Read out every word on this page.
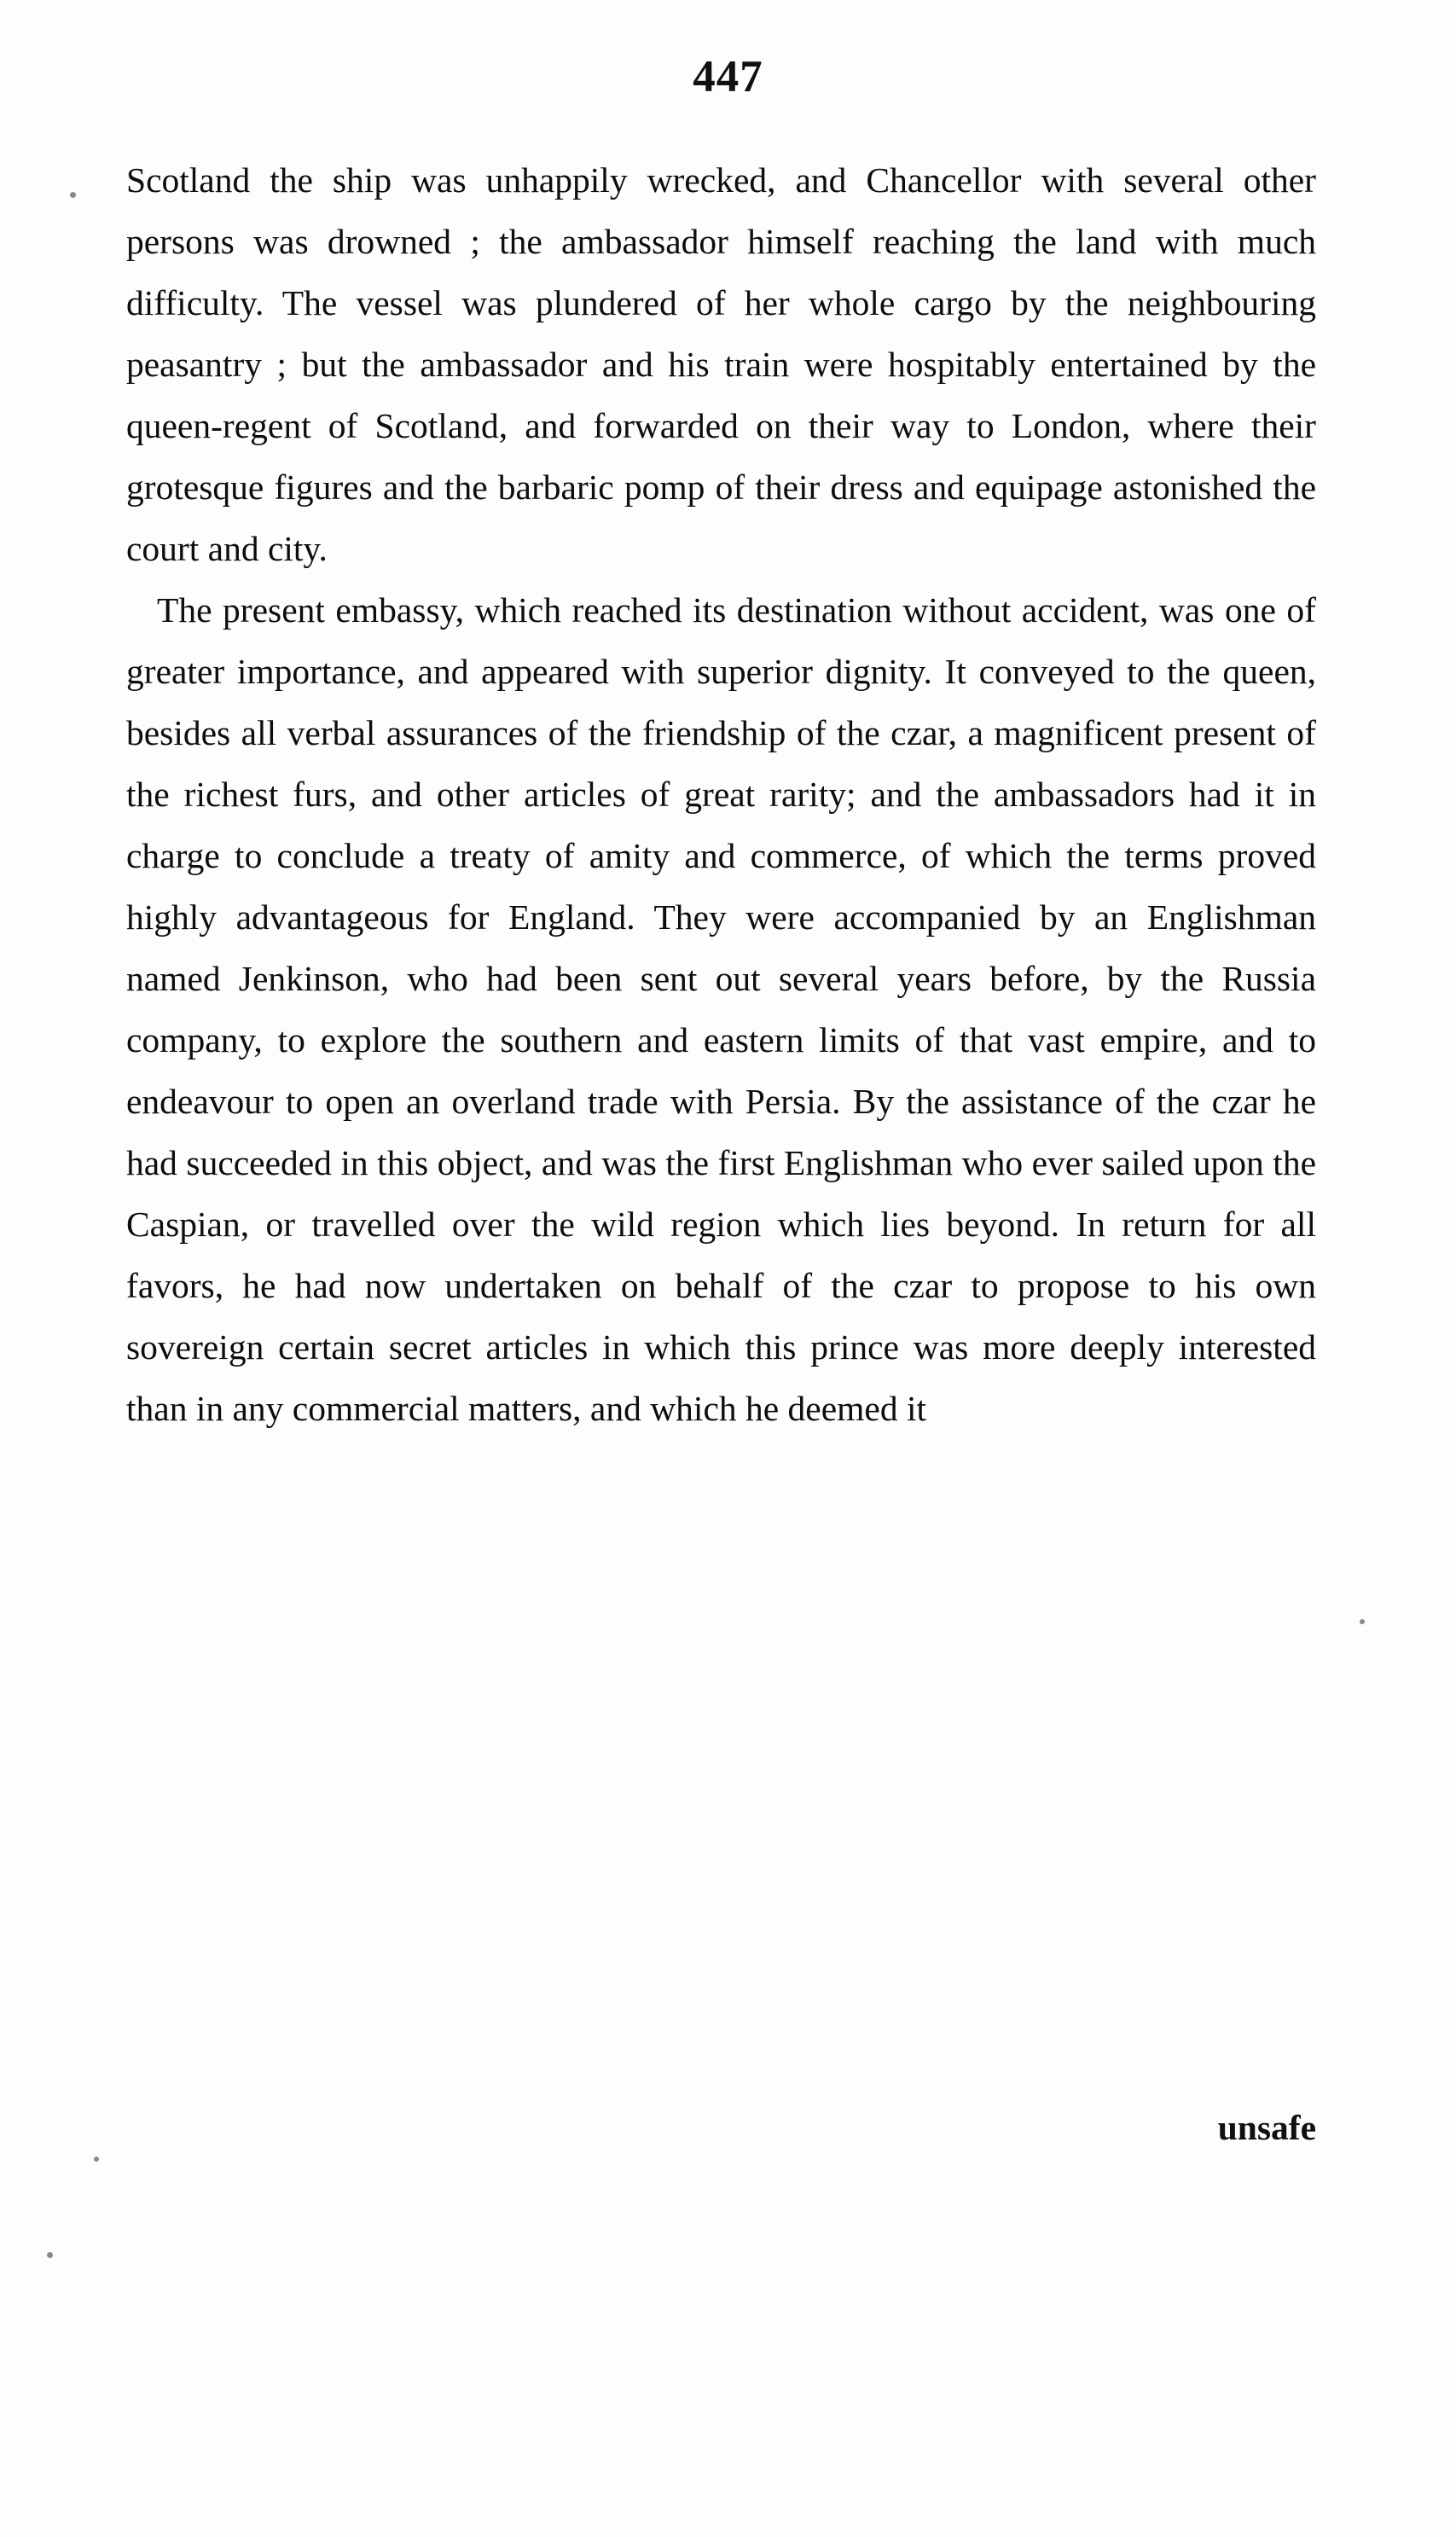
447

Scotland the ship was unhappily wrecked, and Chancellor with several other persons was drowned ; the ambassador himself reaching the land with much difficulty. The vessel was plundered of her whole cargo by the neighbouring peasantry ; but the ambassador and his train were hospitably entertained by the queen-regent of Scotland, and forwarded on their way to London, where their grotesque figures and the barbaric pomp of their dress and equipage astonished the court and city.

The present embassy, which reached its destination without accident, was one of greater importance, and appeared with superior dignity. It conveyed to the queen, besides all verbal assurances of the friendship of the czar, a magnificent present of the richest furs, and other articles of great rarity; and the ambassadors had it in charge to conclude a treaty of amity and commerce, of which the terms proved highly advantageous for England. They were accompanied by an Englishman named Jenkinson, who had been sent out several years before, by the Russia company, to explore the southern and eastern limits of that vast empire, and to endeavour to open an overland trade with Persia. By the assistance of the czar he had succeeded in this object, and was the first Englishman who ever sailed upon the Caspian, or travelled over the wild region which lies beyond. In return for all favors, he had now undertaken on behalf of the czar to propose to his own sovereign certain secret articles in which this prince was more deeply interested than in any commercial matters, and which he deemed it

unsafe
